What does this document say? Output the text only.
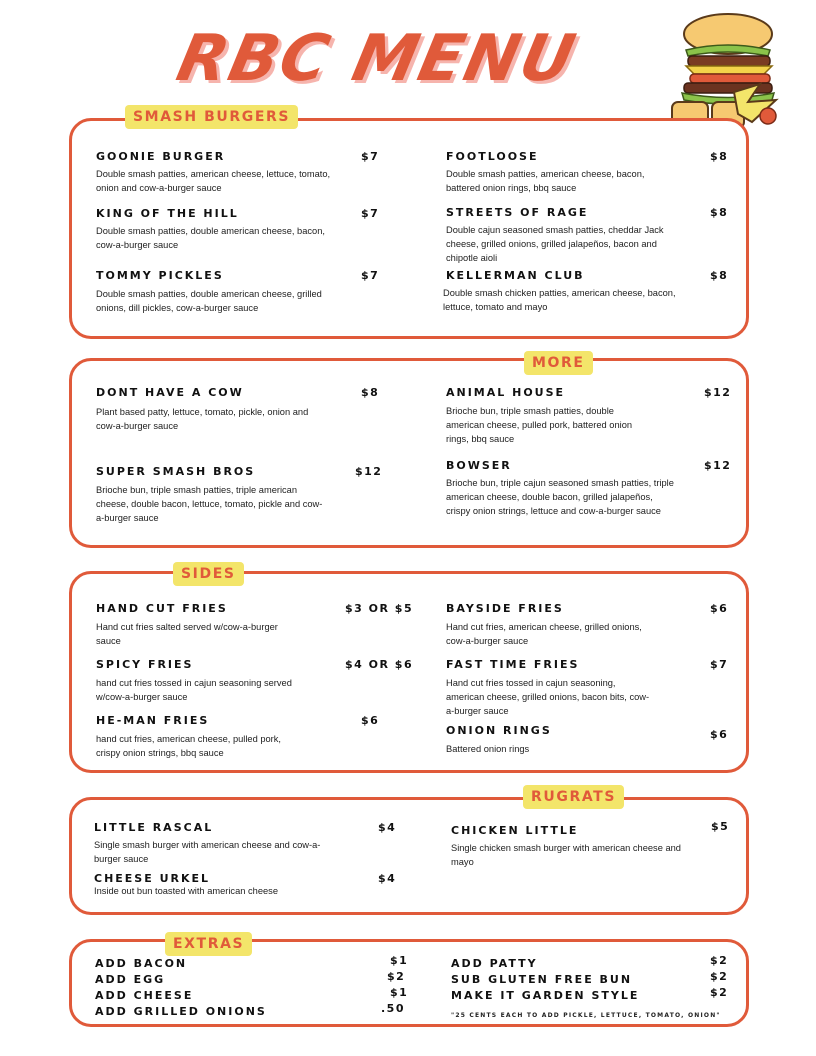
RBC MENU
SMASH BURGERS
GOONIE BURGER	$7
Double smash patties, american cheese, lettuce, tomato,
onion and cow-a-burger sauce
FOOTLOOSE	$8
Double smash patties, american cheese, bacon,
battered onion rings, bbq sauce
KING OF THE HILL	$7
Double smash patties, double american cheese, bacon,
cow-a-burger sauce
STREETS OF RAGE	$8
Double cajun seasoned smash patties, cheddar Jack
cheese, grilled onions, grilled jalapeños, bacon and
chipotle aioli
TOMMY PICKLES	$7
Double smash patties, double american cheese, grilled
onions, dill pickles, cow-a-burger sauce
KELLERMAN CLUB	$8
Double smash chicken patties, american cheese, bacon,
lettuce, tomato and mayo
MORE
DONT HAVE A COW	$8
Plant based patty, lettuce, tomato, pickle, onion and
cow-a-burger sauce
ANIMAL HOUSE	$12
Brioche bun, triple smash patties, double
american cheese, pulled pork, battered onion
rings, bbq sauce
SUPER SMASH BROS	$12
Brioche bun, triple smash patties, triple american
cheese, double bacon, lettuce, tomato, pickle and cow-
a-burger sauce
BOWSER	$12
Brioche bun, triple cajun seasoned smash patties, triple
american cheese, double bacon, grilled jalapeños,
crispy onion strings, lettuce and cow-a-burger sauce
SIDES
HAND CUT FRIES	$3 OR $5
Hand cut fries salted served w/cow-a-burger
sauce
BAYSIDE FRIES	$6
Hand cut fries, american cheese, grilled onions,
cow-a-burger sauce
SPICY FRIES	$4 OR $6
hand cut fries tossed in cajun seasoning served
w/cow-a-burger sauce
FAST TIME FRIES	$7
Hand cut fries tossed in cajun seasoning,
american cheese, grilled onions, bacon bits, cow-
a-burger sauce
HE-MAN FRIES	$6
hand cut fries, american cheese, pulled pork,
crispy onion strings, bbq sauce
ONION RINGS	$6
Battered onion rings
RUGRATS
LITTLE RASCAL	$4
Single smash burger with american cheese and cow-a-
burger sauce
CHICKEN LITTLE	$5
Single chicken smash burger with american cheese and
mayo
CHEESE URKEL	$4
Inside out bun toasted with american cheese
EXTRAS
ADD BACON	$1
ADD EGG	$2
ADD CHEESE	$1
ADD GRILLED ONIONS	.50
ADD PATTY	$2
SUB GLUTEN FREE BUN	$2
MAKE IT GARDEN STYLE	$2
"25 CENTS EACH TO ADD PICKLE, LETTUCE, TOMATO, ONION"
